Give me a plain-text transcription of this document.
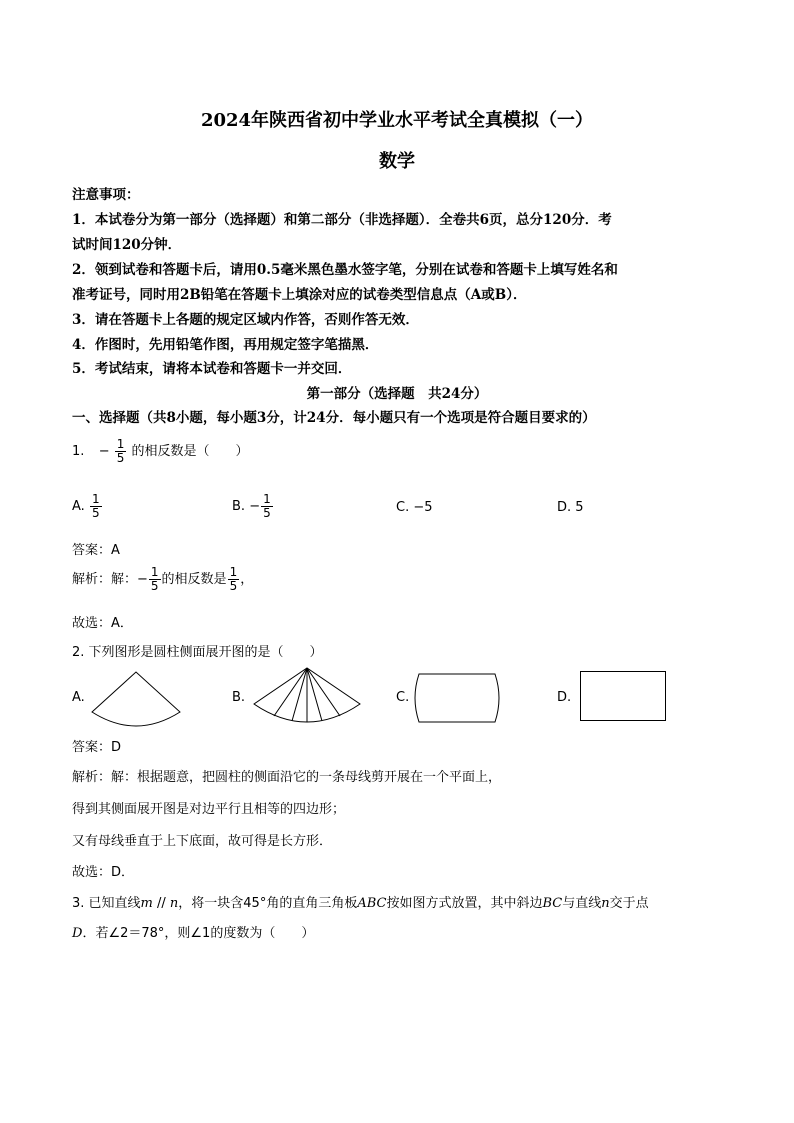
2024年陕西省初中学业水平考试全真模拟（一）
数学
注意事项：
1．本试卷分为第一部分（选择题）和第二部分（非选择题）．全卷共6页，总分120分．考
试时间120分钟．
2．领到试卷和答题卡后，请用0.5毫米黑色墨水签字笔，分别在试卷和答题卡上填写姓名和
准考证号，同时用2B铅笔在答题卡上填涂对应的试卷类型信息点（A或B）．
3．请在答题卡上各题的规定区域内作答，否则作答无效．
4．作图时，先用铅笔作图，再用规定签字笔描黑．
5．考试结束，请将本试卷和答题卡一并交回．
第一部分（选择题　共24分）
一、选择题（共8小题，每小题3分，计24分．每小题只有一个选项是符合题目要求的）
1. − $\frac{1}{5}$ 的相反数是（　　）
A. $\frac{1}{5}$	B. − $\frac{1}{5}$	C. −5	D. 5
答案：A
解析：解：− $\frac{1}{5}$ 的相反数是 $\frac{1}{5}$ ，
故选：A．
2. 下列图形是圆柱侧面展开图的是（　　）
A.	B.	C.	D.
答案：D
解析：解：根据题意，把圆柱的侧面沿它的一条母线剪开展在一个平面上，
得到其侧面展开图是对边平行且相等的四边形；
又有母线垂直于上下底面，故可得是长方形．
故选：D．
3. 已知直线m // n，将一块含45°角的直角三角板ABC按如图方式放置，其中斜边BC与直线n交于点
D．若∠2＝78°，则∠1的度数为（　　）
